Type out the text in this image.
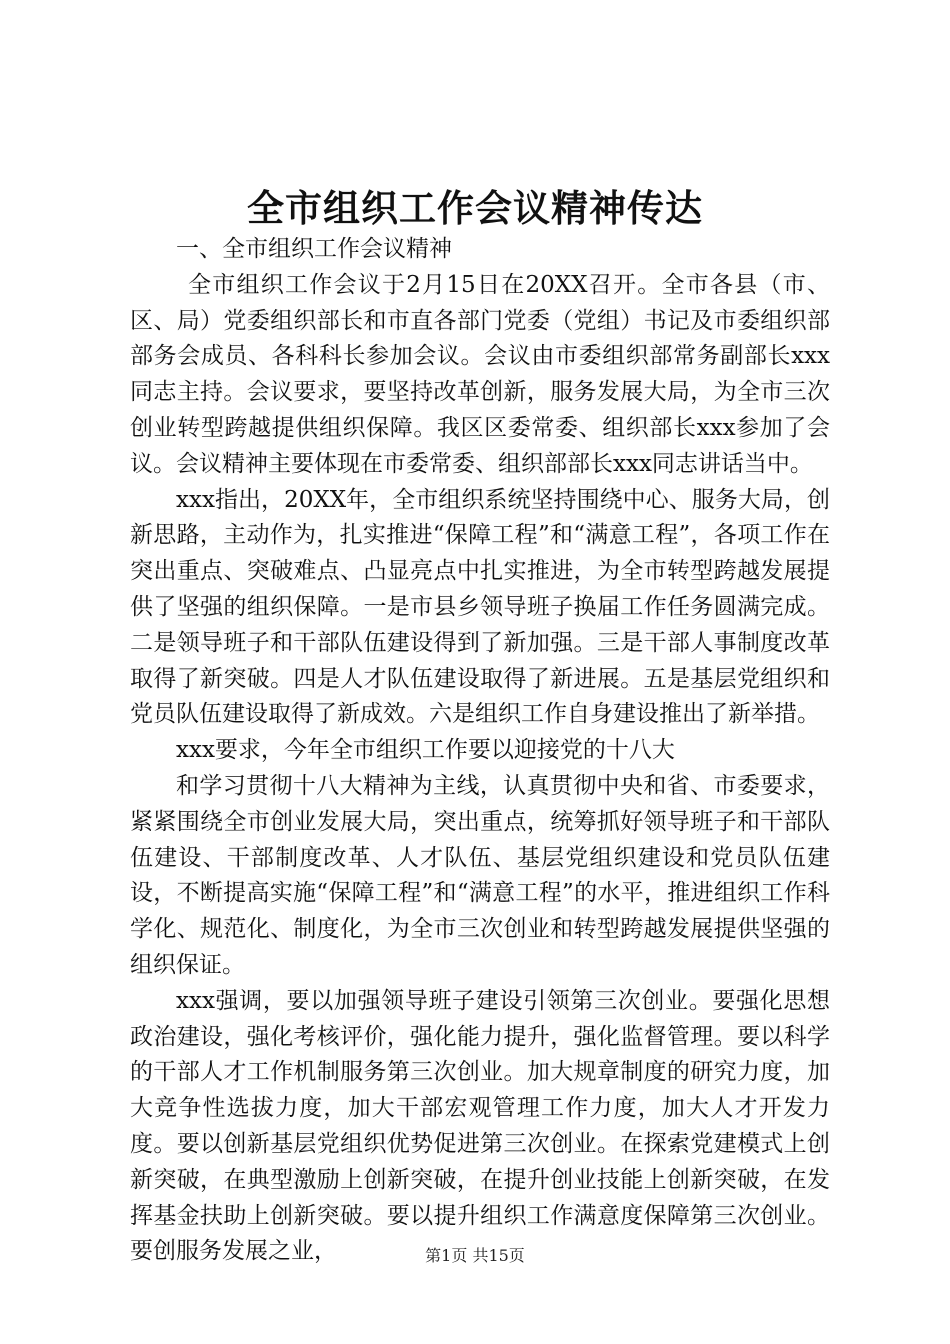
全市组织工作会议精神传达

一、全市组织工作会议精神

全市组织工作会议于2月15日在20XX召开。全市各县（市、区、局）党委组织部长和市直各部门党委（党组）书记及市委组织部部务会成员、各科科长参加会议。会议由市委组织部常务副部长xxx同志主持。会议要求，要坚持改革创新，服务发展大局，为全市三次创业转型跨越提供组织保障。我区区委常委、组织部长xxx参加了会议。会议精神主要体现在市委常委、组织部部长xxx同志讲话当中。

xxx指出，20XX年，全市组织系统坚持围绕中心、服务大局，创新思路，主动作为，扎实推进“保障工程”和“满意工程”，各项工作在突出重点、突破难点、凸显亮点中扎实推进，为全市转型跨越发展提供了坚强的组织保障。一是市县乡领导班子换届工作任务圆满完成。二是领导班子和干部队伍建设得到了新加强。三是干部人事制度改革取得了新突破。四是人才队伍建设取得了新进展。五是基层党组织和党员队伍建设取得了新成效。六是组织工作自身建设推出了新举措。

xxx要求，今年全市组织工作要以迎接党的十八大

和学习贯彻十八大精神为主线，认真贯彻中央和省、市委要求，紧紧围绕全市创业发展大局，突出重点，统筹抓好领导班子和干部队伍建设、干部制度改革、人才队伍、基层党组织建设和党员队伍建设，不断提高实施“保障工程”和“满意工程”的水平，推进组织工作科学化、规范化、制度化，为全市三次创业和转型跨越发展提供坚强的组织保证。

xxx强调，要以加强领导班子建设引领第三次创业。要强化思想政治建设，强化考核评价，强化能力提升，强化监督管理。要以科学的干部人才工作机制服务第三次创业。加大规章制度的研究力度，加大竞争性选拔力度，加大干部宏观管理工作力度，加大人才开发力度。要以创新基层党组织优势促进第三次创业。在探索党建模式上创新突破，在典型激励上创新突破，在提升创业技能上创新突破，在发挥基金扶助上创新突破。要以提升组织工作满意度保障第三次创业。要创服务发展之业，	第1页 共15页
